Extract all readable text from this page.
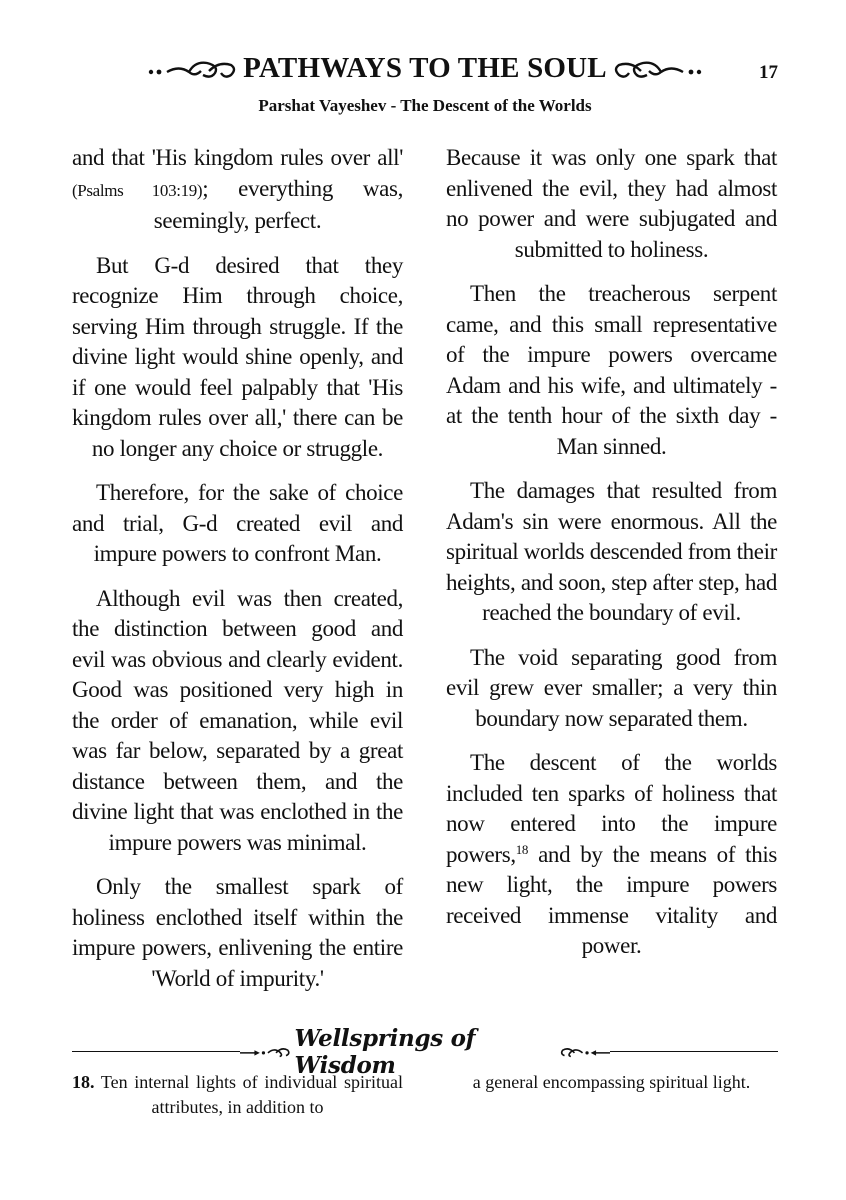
PATHWAYS TO THE SOUL	17
Parshat Vayeshev - The Descent of the Worlds

and that 'His kingdom rules over all' (Psalms 103:19); everything was, seemingly, perfect.

But G-d desired that they recognize Him through choice, serving Him through struggle. If the divine light would shine openly, and if one would feel palpably that 'His kingdom rules over all,' there can be no longer any choice or struggle.

Therefore, for the sake of choice and trial, G-d created evil and impure powers to confront Man.

Although evil was then created, the distinction between good and evil was obvious and clearly evident. Good was positioned very high in the order of emanation, while evil was far below, separated by a great distance between them, and the divine light that was enclothed in the impure powers was minimal.

Only the smallest spark of holiness enclothed itself within the impure powers, enlivening the entire 'World of impurity.'

Because it was only one spark that enlivened the evil, they had almost no power and were subjugated and submitted to holiness.

Then the treacherous serpent came, and this small representative of the impure powers overcame Adam and his wife, and ultimately - at the tenth hour of the sixth day - Man sinned.

The damages that resulted from Adam's sin were enormous. All the spiritual worlds descended from their heights, and soon, step after step, had reached the boundary of evil.

The void separating good from evil grew ever smaller; a very thin boundary now separated them.

The descent of the worlds included ten sparks of holiness that now entered into the impure powers,$^{18}$ and by the means of this new light, the impure powers received immense vitality and power.

Wellsprings of Wisdom

18. Ten internal lights of individual spiritual attributes, in addition to

a general encompassing spiritual light.
